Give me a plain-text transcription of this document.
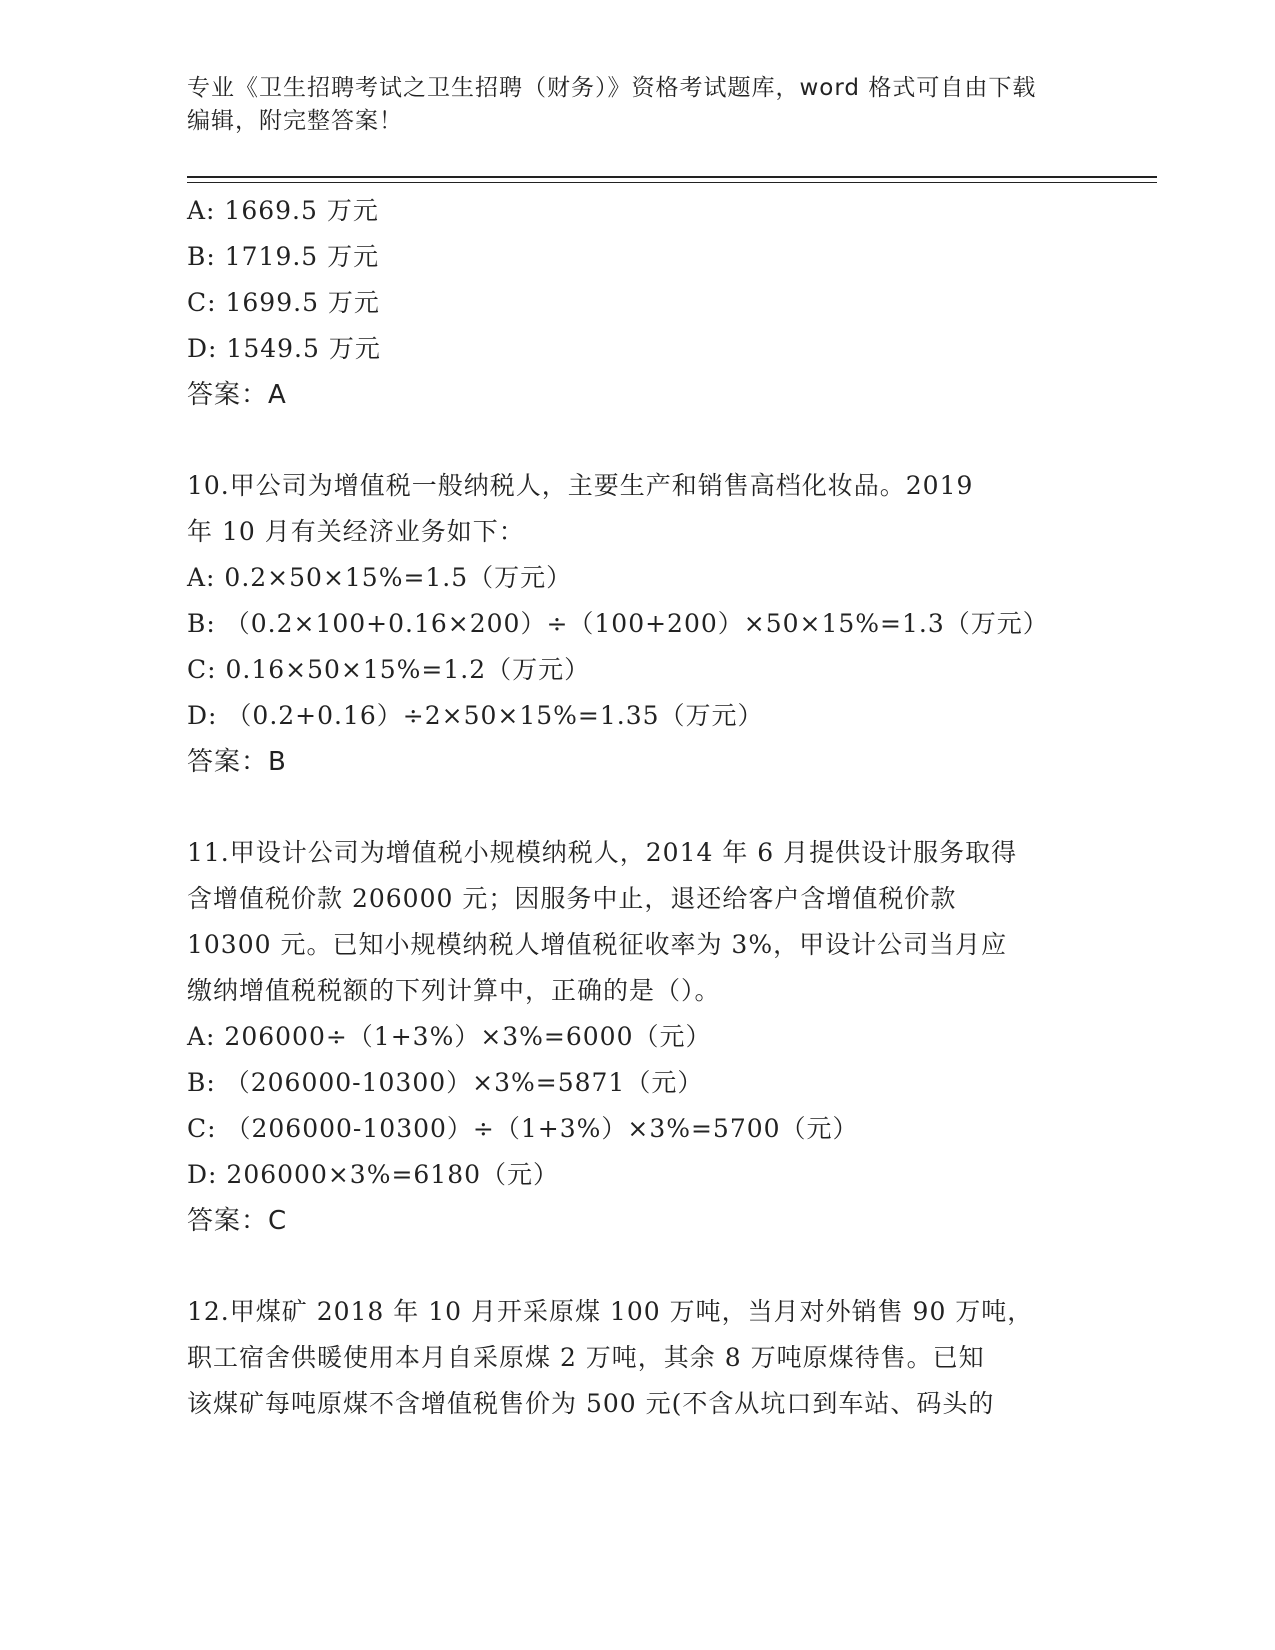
专业《卫生招聘考试之卫生招聘（财务）》资格考试题库，word 格式可自由下载
编辑，附完整答案！
A: 1669.5 万元
B: 1719.5 万元
C: 1699.5 万元
D: 1549.5 万元
答案：A
10.甲公司为增值税一般纳税人，主要生产和销售高档化妆品。2019
年 10 月有关经济业务如下：
A: 0.2×50×15%=1.5（万元）
B: （0.2×100+0.16×200）÷（100+200）×50×15%=1.3（万元）
C: 0.16×50×15%=1.2（万元）
D: （0.2+0.16）÷2×50×15%=1.35（万元）
答案：B
11.甲设计公司为增值税小规模纳税人，2014 年 6 月提供设计服务取得
含增值税价款 206000 元；因服务中止，退还给客户含增值税价款
10300 元。已知小规模纳税人增值税征收率为 3%，甲设计公司当月应
缴纳增值税税额的下列计算中，正确的是（）。
A: 206000÷（1+3%）×3%=6000（元）
B: （206000-10300）×3%=5871（元）
C: （206000-10300）÷（1+3%）×3%=5700（元）
D: 206000×3%=6180（元）
答案：C
12.甲煤矿 2018 年 10 月开采原煤 100 万吨，当月对外销售 90 万吨，
职工宿舍供暖使用本月自采原煤 2 万吨，其余 8 万吨原煤待售。已知
该煤矿每吨原煤不含增值税售价为 500 元(不含从坑口到车站、码头的
